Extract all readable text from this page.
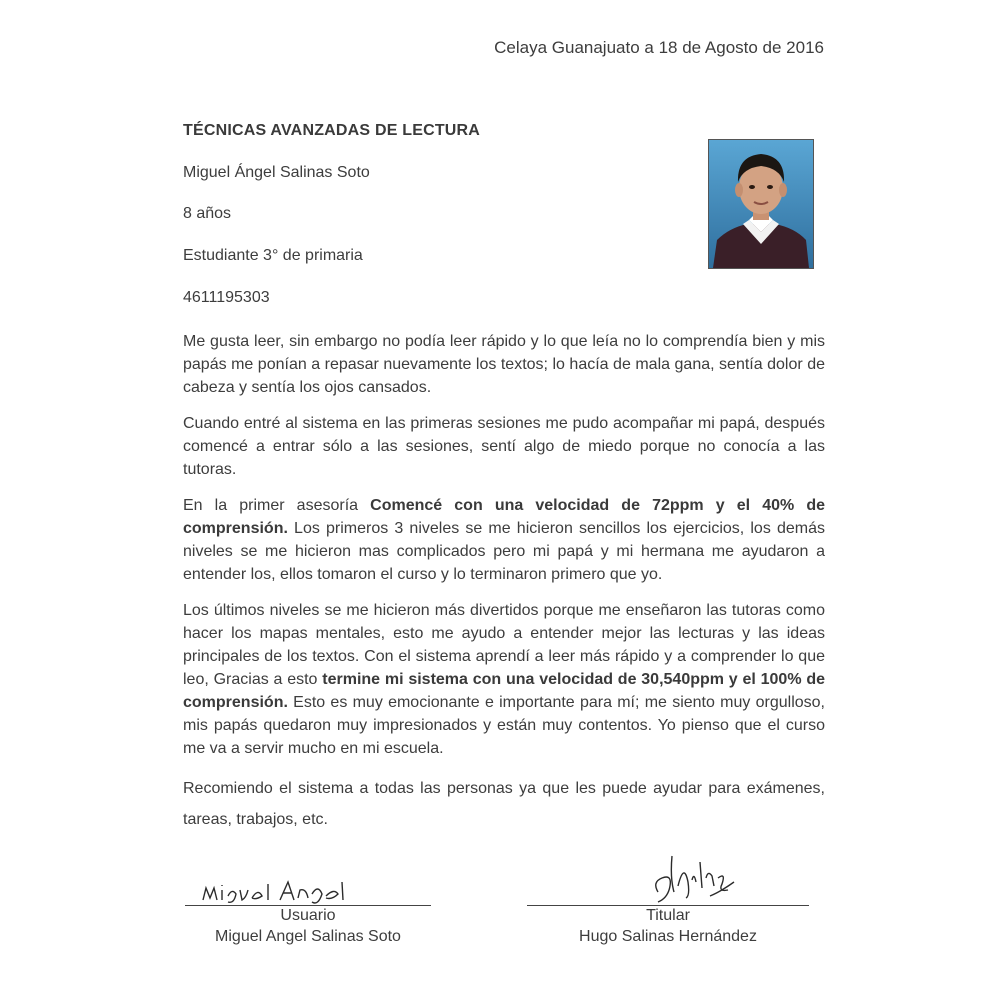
Celaya Guanajuato a 18 de Agosto de 2016
TÉCNICAS AVANZADAS DE LECTURA
Miguel Ángel Salinas Soto
8 años
Estudiante 3° de primaria
4611195303

Me gusta leer, sin embargo no podía leer rápido y lo que leía no lo comprendía bien y mis papás me ponían a repasar nuevamente los textos; lo hacía de mala gana, sentía dolor de cabeza y sentía los ojos cansados.

Cuando entré al sistema en las primeras sesiones me pudo acompañar mi papá, después comencé a entrar sólo a las sesiones, sentí algo de miedo porque no conocía a las tutoras.

En la primer asesoría Comencé con una velocidad de 72ppm y el 40% de comprensión. Los primeros 3 niveles se me hicieron sencillos los ejercicios, los demás niveles se me hicieron mas complicados pero mi papá y mi hermana me ayudaron a entender los, ellos tomaron el curso y lo terminaron primero que yo.

Los últimos niveles se me hicieron más divertidos porque me enseñaron las tutoras como hacer los mapas mentales, esto me ayudo a entender mejor las lecturas y las ideas principales de los textos. Con el sistema aprendí a leer más rápido y a comprender lo que leo, Gracias a esto termine mi sistema con una velocidad de 30,540ppm y el 100% de comprensión. Esto es muy emocionante e importante para mí; me siento muy orgulloso, mis papás quedaron muy impresionados y están muy contentos. Yo pienso que el curso me va a servir mucho en mi escuela.

Recomiendo el sistema a todas las personas ya que les puede ayudar para exámenes, tareas, trabajos, etc.

Usuario
Miguel Angel Salinas Soto
Titular
Hugo Salinas Hernández
